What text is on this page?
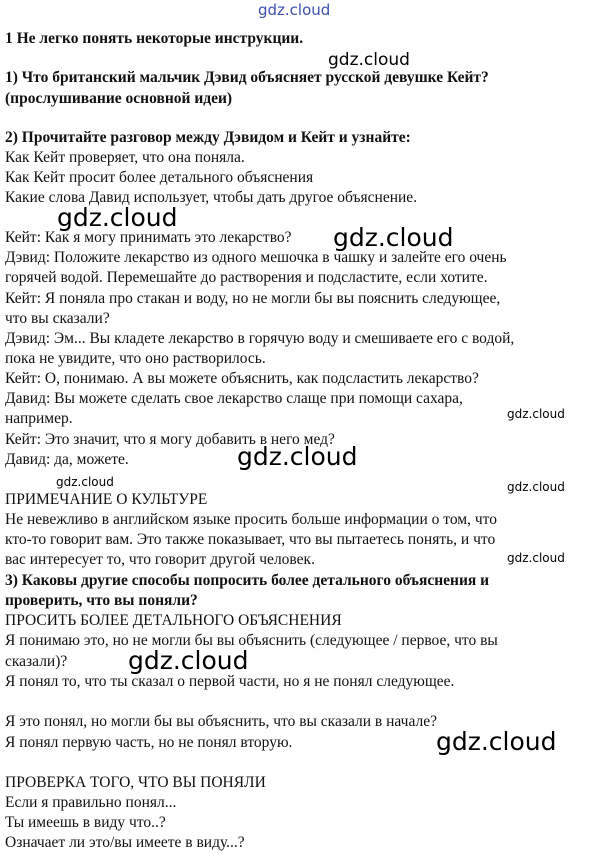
gdz.cloud
gdz.cloud
gdz.cloud
gdz.cloud
gdz.cloud
gdz.cloud
gdz.cloud	gdz.cloud
gdz.cloud
gdz.cloud
gdz.cloud

1 Не легко понять некоторые инструкции.

1) Что британский мальчик Дэвид объясняет русской девушке Кейт?

(прослушивание основной идеи)

2) Прочитайте разговор между Дэвидом и Кейт и узнайте:

Как Кейт проверяет, что она поняла.

Как Кейт просит более детального объяснения

Какие слова Давид использует, чтобы дать другое объяснение.

Кейт: Как я могу принимать это лекарство?

Дэвид: Положите лекарство из одного мешочка в чашку и залейте его очень

горячей водой. Перемешайте до растворения и подсластите, если хотите.

Кейт: Я поняла про стакан и воду, но не могли бы вы пояснить следующее,

что вы сказали?

Дэвид: Эм... Вы кладете лекарство в горячую воду и смешиваете его с водой,

пока не увидите, что оно растворилось.

Кейт: О, понимаю. А вы можете объяснить, как подсластить лекарство?

Давид: Вы можете сделать свое лекарство слаще при помощи сахара,

например.

Кейт: Это значит, что я могу добавить в него мед?

Давид: да, можете.

ПРИМЕЧАНИЕ О КУЛЬТУРЕ

Не невежливо в английском языке просить больше информации о том, что

кто-то говорит вам. Это также показывает, что вы пытаетесь понять, и что

вас интересует то, что говорит другой человек.

3) Каковы другие способы попросить более детального объяснения и

проверить, что вы поняли?

ПРОСИТЬ БОЛЕЕ ДЕТАЛЬНОГО ОБЪЯСНЕНИЯ

Я понимаю это, но не могли бы вы объяснить (следующее / первое, что вы

сказали)?

Я понял то, что ты сказал о первой части, но я не понял следующее.

Я это понял, но могли бы вы объяснить, что вы сказали в начале?

Я понял первую часть, но не понял вторую.

ПРОВЕРКА ТОГО, ЧТО ВЫ ПОНЯЛИ

Если я правильно понял...

Ты имеешь в виду что..?

Означает ли это/вы имеете в виду...?
